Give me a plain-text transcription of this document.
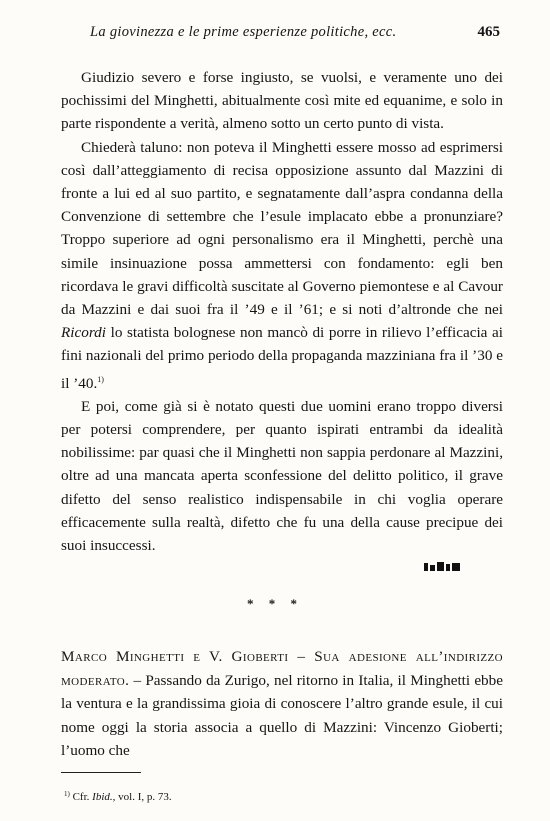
La giovinezza e le prime esperienze politiche, ecc.	465

Giudizio severo e forse ingiusto, se vuolsi, e veramente uno dei pochissimi del Minghetti, abitualmente così mite ed equanime, e solo in parte rispondente a verità, almeno sotto un certo punto di vista.

Chiederà taluno: non poteva il Minghetti essere mosso ad esprimersi così dall’atteggiamento di recisa opposizione assunto dal Mazzini di fronte a lui ed al suo partito, e segnatamente dall’aspra condanna della Convenzione di settembre che l’esule implacato ebbe a pronunziare? Troppo superiore ad ogni personalismo era il Minghetti, perchè una simile insinuazione possa ammettersi con fondamento: egli ben ricordava le gravi difficoltà suscitate al Governo piemontese e al Cavour da Mazzini e dai suoi fra il ’49 e il ’61; e si noti d’altronde che nei Ricordi lo statista bolognese non mancò di porre in rilievo l’efficacia ai fini nazionali del primo periodo della propaganda mazziniana fra il ’30 e il ’40.$^{1)}$

E poi, come già si è notato questi due uomini erano troppo diversi per potersi comprendere, per quanto ispirati entrambi da idealità nobilissime: par quasi che il Minghetti non sappia perdonare al Mazzini, oltre ad una mancata aperta sconfessione del delitto politico, il grave difetto del senso realistico indispensabile in chi voglia operare efficacemente sulla realtà, difetto che fu una della cause precipue dei suoi insuccessi.

* * *
Marco Minghetti e V. Gioberti – Sua adesione all’indirizzo moderato. – Passando da Zurigo, nel ritorno in Italia, il Minghetti ebbe la ventura e la grandissima gioia di conoscere l’altro grande esule, il cui nome oggi la storia associa a quello di Mazzini: Vincenzo Gioberti; l’uomo che
$^{1)}$ Cfr. Ibid., vol. I, p. 73.
